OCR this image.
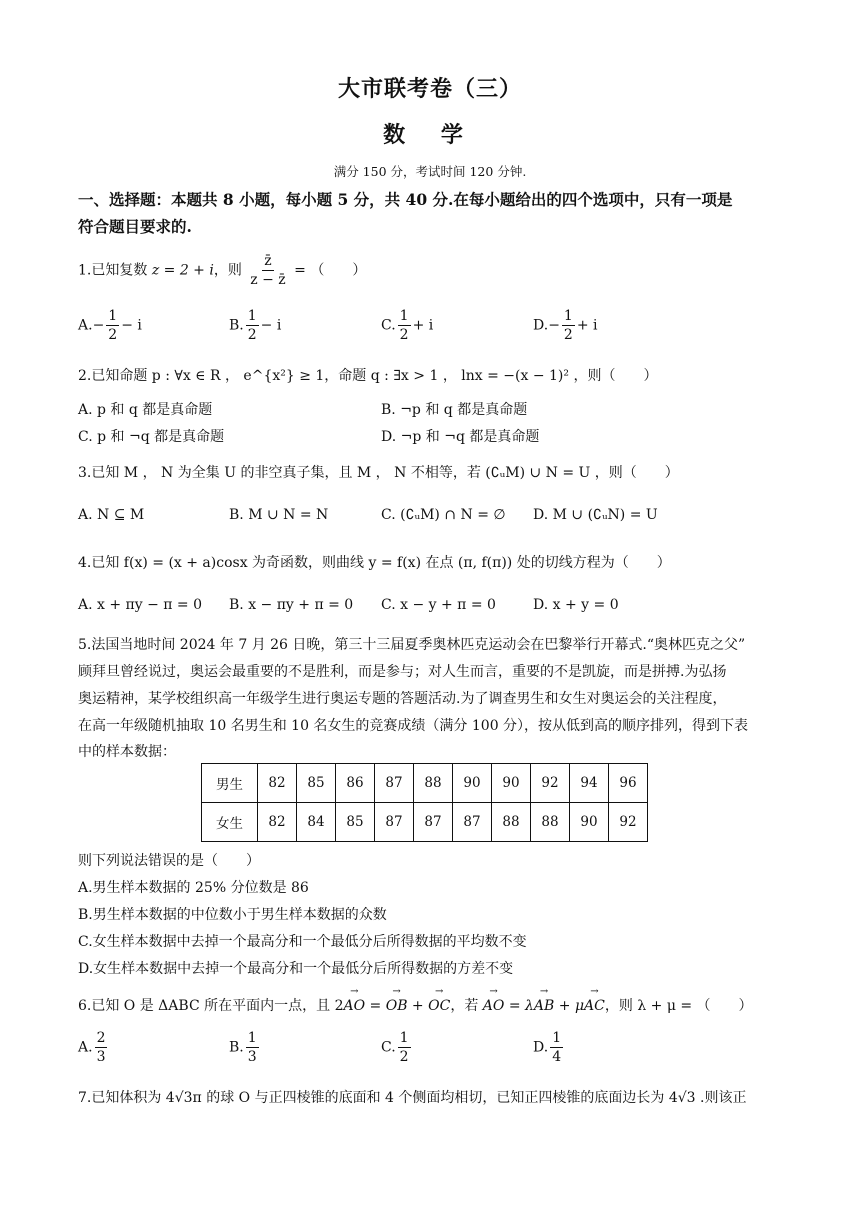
大市联考卷（三）
数 学
满分 150 分，考试时间 120 分钟.
一、选择题：本题共 8 小题，每小题 5 分，共 40 分.在每小题给出的四个选项中，只有一项是
符合题目要求的.
1.已知复数 z = 2 + i，则 $\frac{z̄}{z - z̄}$ = （　　）
$A.- \frac{1}{2} - i$	B. $\frac{1}{2} - i$	C. $\frac{1}{2} + i$	$D.- \frac{1}{2} + i$
2.已知命题 p : ∀x ∈ R ， e^{x²} ≥ 1，命题 q : ∃x > 1 ， lnx = −(x − 1)² ，则（　　）
A. p 和 q 都是真命题	B. ¬p 和 q 都是真命题
C. p 和 ¬q 都是真命题	D. ¬p 和 ¬q 都是真命题
3.已知 M ， N 为全集 U 的非空真子集，且 M ， N 不相等，若 (∁ᵤM) ∪ N = U ，则（　　）
A. N ⊆ M	B. M ∪ N = N	C. (∁ᵤM) ∩ N = ∅ D. M ∪ (∁ᵤN) = U
4.已知 f(x) = (x + a)cosx 为奇函数，则曲线 y = f(x) 在点 (π, f(π)) 处的切线方程为（　　）
A. x + πy − π = 0 B. x − πy + π = 0 C. x − y + π = 0	D. x + y = 0
5.法国当地时间 2024 年 7 月 26 日晚，第三十三届夏季奥林匹克运动会在巴黎举行开幕式.“奥林匹克之父”
顾拜旦曾经说过，奥运会最重要的不是胜利，而是参与；对人生而言，重要的不是凯旋，而是拼搏.为弘扬
奥运精神，某学校组织高一年级学生进行奥运专题的答题活动.为了调查男生和女生对奥运会的关注程度，
在高一年级随机抽取 10 名男生和 10 名女生的竞赛成绩（满分 100 分），按从低到高的顺序排列，得到下表
中的样本数据：
男生	82	85	86	87	88	90	90	92	94	96
女生	82	84	85	87	87	87	88	88	90	92
则下列说法错误的是（　　）
A.男生样本数据的 25% 分位数是 86
B.男生样本数据的中位数小于男生样本数据的众数
C.女生样本数据中去掉一个最高分和一个最低分后所得数据的平均数不变
D.女生样本数据中去掉一个最高分和一个最低分后所得数据的方差不变
6.已知 O 是 ΔABC 所在平面内一点，且 2→ AO = → OB + → OC，若 → AO = λ→ AB + μ→ AC，则 λ + μ = （　　）
A. $\frac{2}{3}$	B. $\frac{1}{3}$	C. $\frac{1}{2}$	D. $\frac{1}{4}$
7.已知体积为 4√3π 的球 O 与正四棱锥的底面和 4 个侧面均相切，已知正四棱锥的底面边长为 4√3 .则该正
